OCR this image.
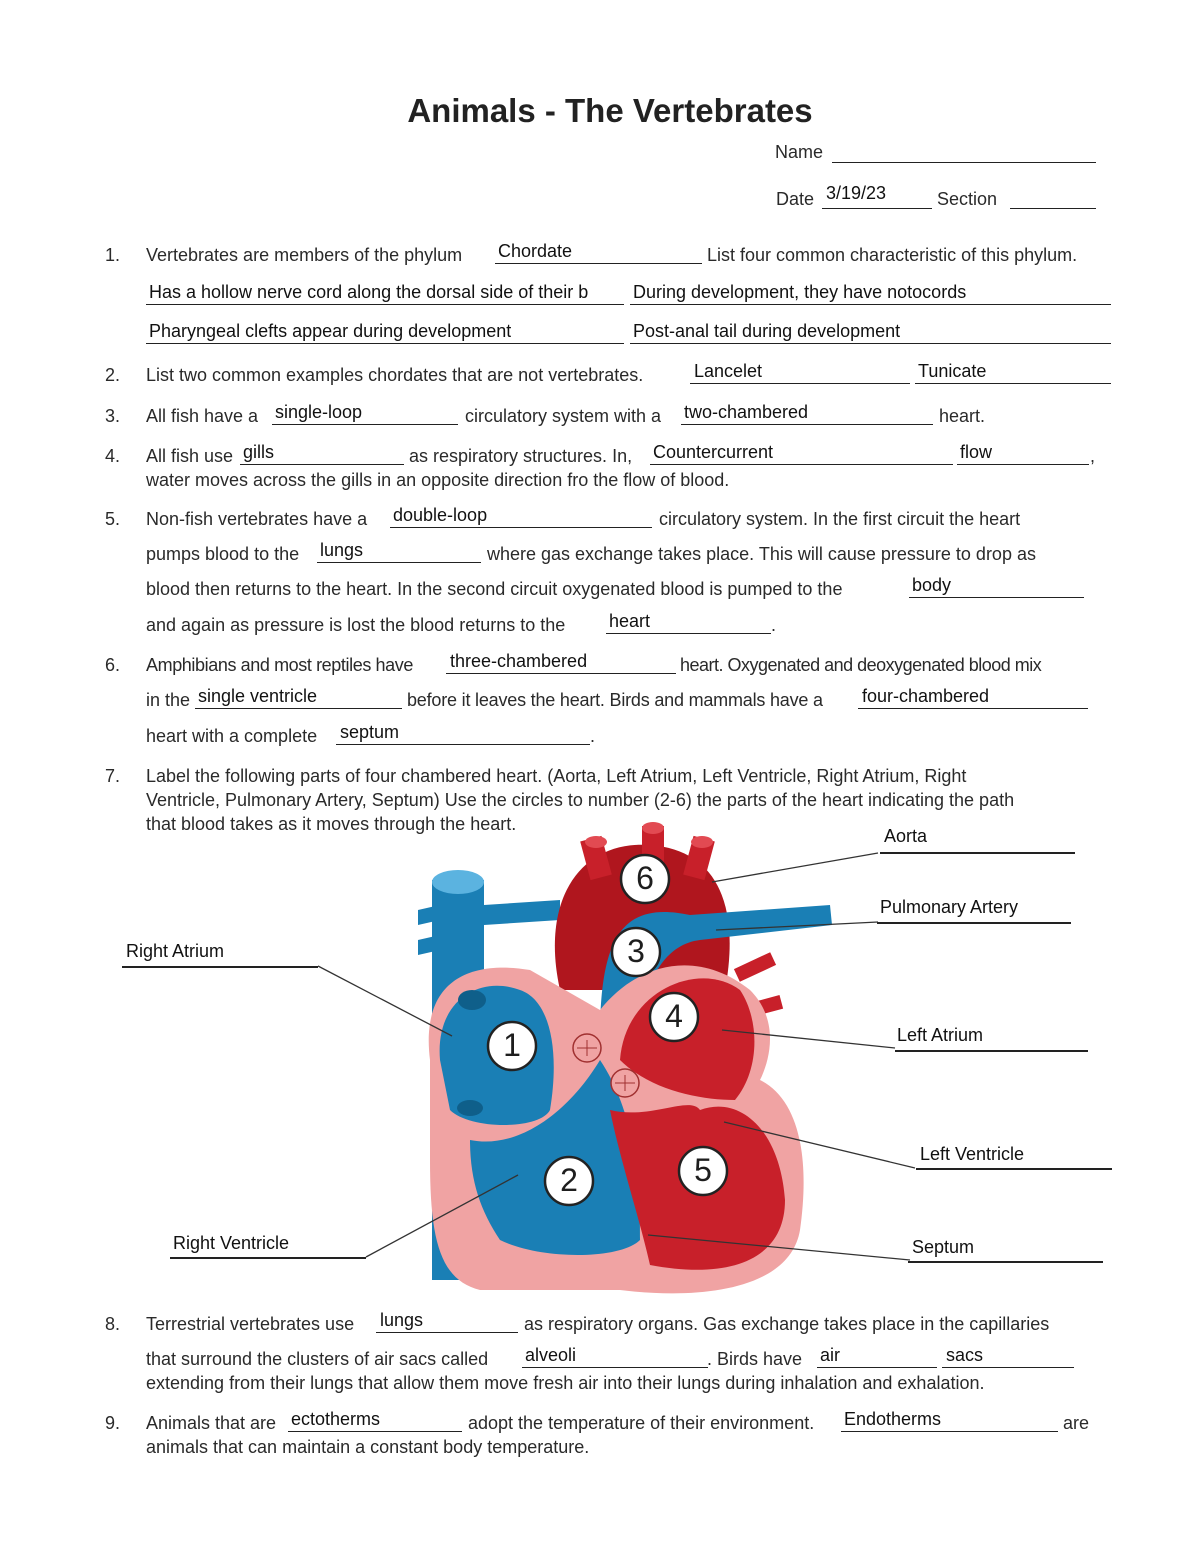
Animals - The Vertebrates
Name
Date 3/19/23	Section
1. Vertebrates are members of the phylum Chordate	List four common characteristic of this phylum.
Has a hollow nerve cord along the dorsal side of their b	During development, they have notocords
Pharyngeal clefts appear during development	Post-anal tail during development
2. List two common examples chordates that are not vertebrates.	Lancelet	Tunicate
3. All fish have a single-loop	circulatory system with a two-chambered	heart.
4. All fish use gills	as respiratory structures. In, Countercurrent	flow	,
water moves across the gills in an opposite direction fro the flow of blood.
5. Non-fish vertebrates have a double-loop	circulatory system. In the first circuit the heart
pumps blood to the lungs	where gas exchange takes place. This will cause pressure to drop as
blood then returns to the heart. In the second circuit oxygenated blood is pumped to the	body
and again as pressure is lost the blood returns to the heart	.
6. Amphibians and most reptiles have three-chambered	heart. Oxygenated and deoxygenated blood mix
in the single ventricle	before it leaves the heart. Birds and mammals have a four-chambered
heart with a complete septum	.
7. Label the following parts of four chambered heart. (Aorta, Left Atrium, Left Ventricle, Right Atrium, Right
Ventricle, Pulmonary Artery, Septum) Use the circles to number (2-6) the parts of the heart indicating the path
that blood takes as it moves through the heart.
1
2
3
4
5
6
Aorta
Pulmonary Artery
Right Atrium
Left Atrium
Left Ventricle
Right Ventricle	Septum
8. Terrestrial vertebrates use lungs	as respiratory organs. Gas exchange takes place in the capillaries
that surround the clusters of air sacs called alveoli	. Birds have air	sacs
extending from their lungs that allow them move fresh air into their lungs during inhalation and exhalation.
9. Animals that are ectotherms	adopt the temperature of their environment. Endotherms	are
animals that can maintain a constant body temperature.
